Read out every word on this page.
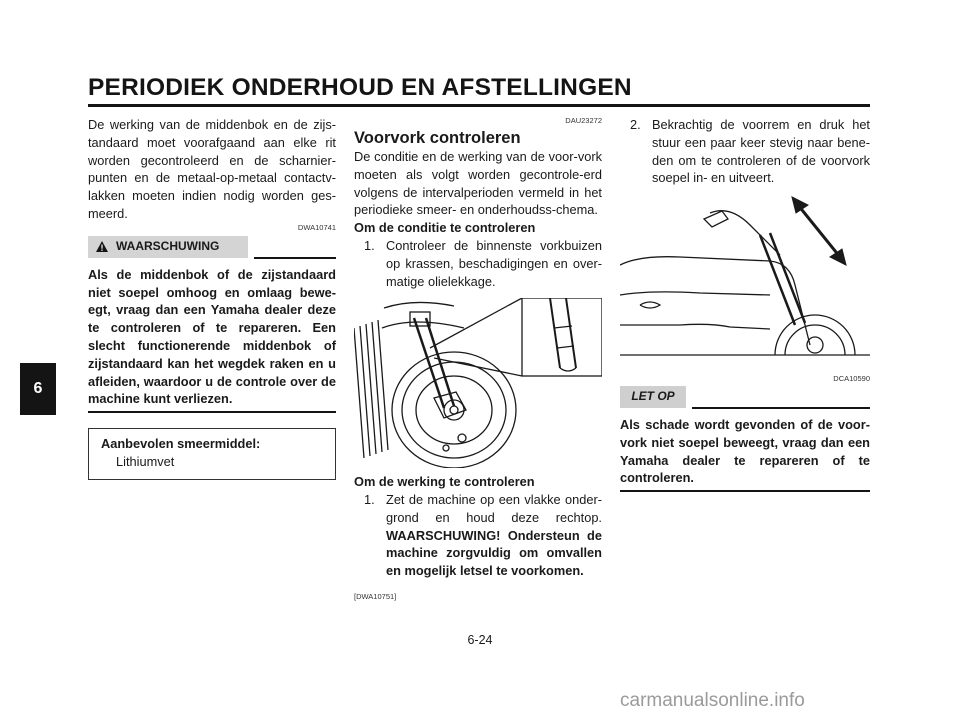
PERIODIEK ONDERHOUD EN AFSTELLINGEN
6

De werking van de middenbok en de zijs-tandaard moet voorafgaand aan elke rit worden gecontroleerd en de scharnier-punten en de metaal-op-metaal contactv-lakken moeten indien nodig worden ges-meerd.

DWA10741
WAARSCHUWING

Als de middenbok of de zijstandaard niet soepel omhoog en omlaag bewe-egt, vraag dan een Yamaha dealer deze te controleren of te repareren. Een slecht functionerende middenbok of zijstandaard kan het wegdek raken en u afleiden, waardoor u de controle over de machine kunt verliezen.

Aanbevolen smeermiddel:
Lithiumvet
DAU23272
Voorvork controleren

De conditie en de werking van de voor-vork moeten als volgt worden gecontrole-erd volgens de intervalperioden vermeld in het periodieke smeer- en onderhoudss-chema.

Om de conditie te controleren
1. Controleer de binnenste vorkbuizen op krassen, beschadigingen en over-matige olielekkage.
Om de werking te controleren
1. Zet de machine op een vlakke onder-grond en houd deze rechtop. WAARSCHUWING! Ondersteun de machine zorgvuldig om omvallen en mogelijk letsel te voorkomen.
[DWA10751]
2. Bekrachtig de voorrem en druk het stuur een paar keer stevig naar bene-den om te controleren of de voorvork soepel in- en uitveert.
DCA10590
LET OP

Als schade wordt gevonden of de voor-vork niet soepel beweegt, vraag dan een Yamaha dealer te repareren of te controleren.

6-24
carmanualsonline.info
